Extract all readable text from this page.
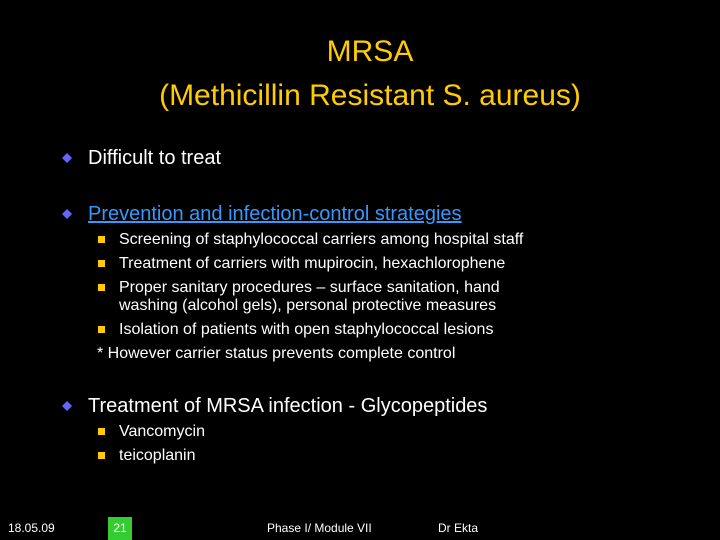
MRSA
(Methicillin Resistant S. aureus)
Difficult to treat
Prevention and infection-control strategies
Screening of staphylococcal carriers among hospital staff
Treatment of carriers with mupirocin, hexachlorophene
Proper sanitary procedures – surface sanitation, hand
washing (alcohol gels), personal protective measures
Isolation of patients with open staphylococcal lesions
* However carrier status prevents complete control
Treatment of MRSA infection - Glycopeptides
Vancomycin
teicoplanin
18.05.09	21	Phase I/ Module VII	Dr Ekta
